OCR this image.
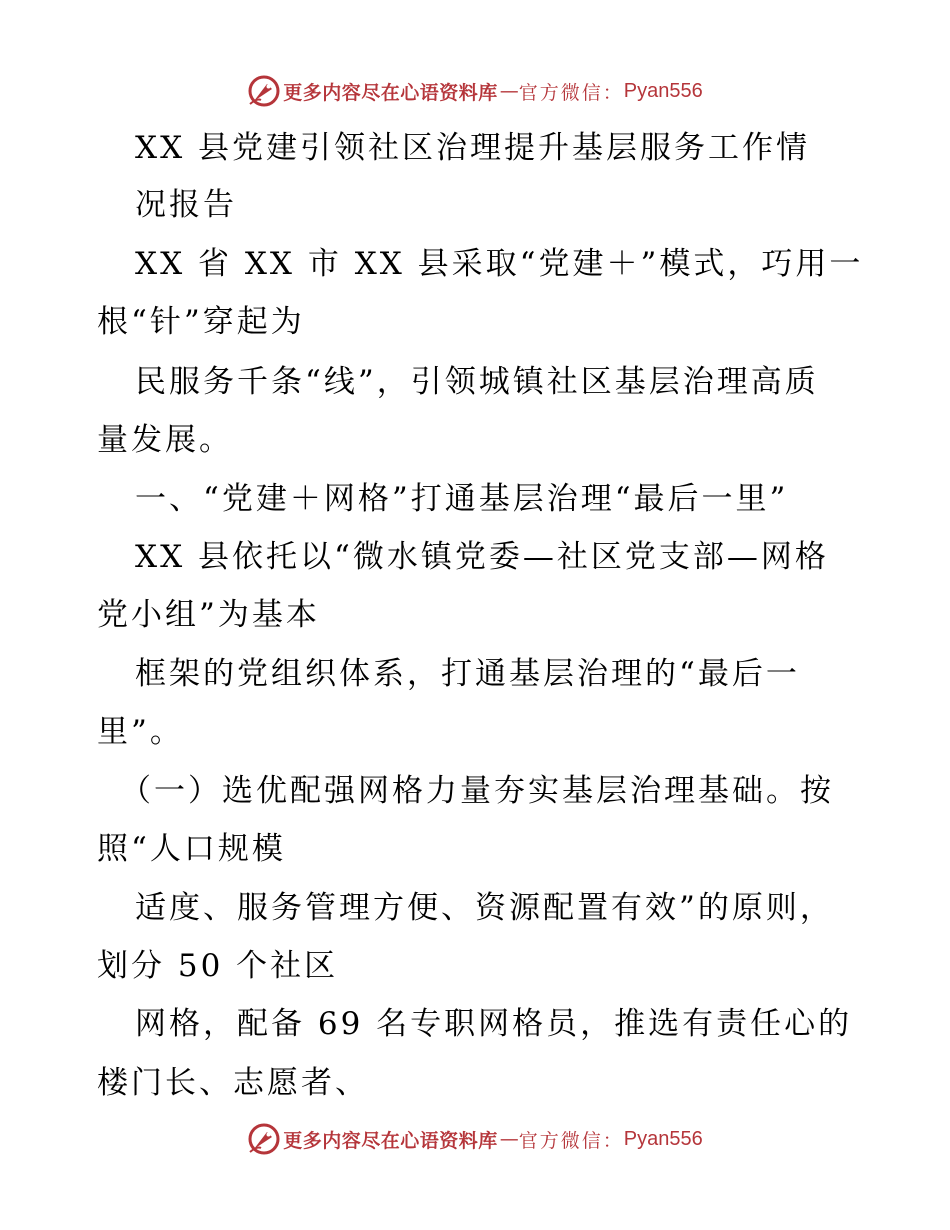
更多内容尽在心语资料库 — 官方微信： Pyan556
XX 县党建引领社区治理提升基层服务工作情
况报告
XX 省 XX 市 XX 县采取“党建＋”模式，巧用一
根“针”穿起为
民服务千条“线”，引领城镇社区基层治理高质
量发展。
一、“党建＋网格”打通基层治理“最后一里”
XX 县依托以“微水镇党委—社区党支部—网格
党小组”为基本
框架的党组织体系，打通基层治理的“最后一
里”。
（一）选优配强网格力量夯实基层治理基础。按
照“人口规模
适度、服务管理方便、资源配置有效”的原则，
划分 50 个社区
网格，配备 69 名专职网格员，推选有责任心的
楼门长、志愿者、
更多内容尽在心语资料库 — 官方微信： Pyan556
